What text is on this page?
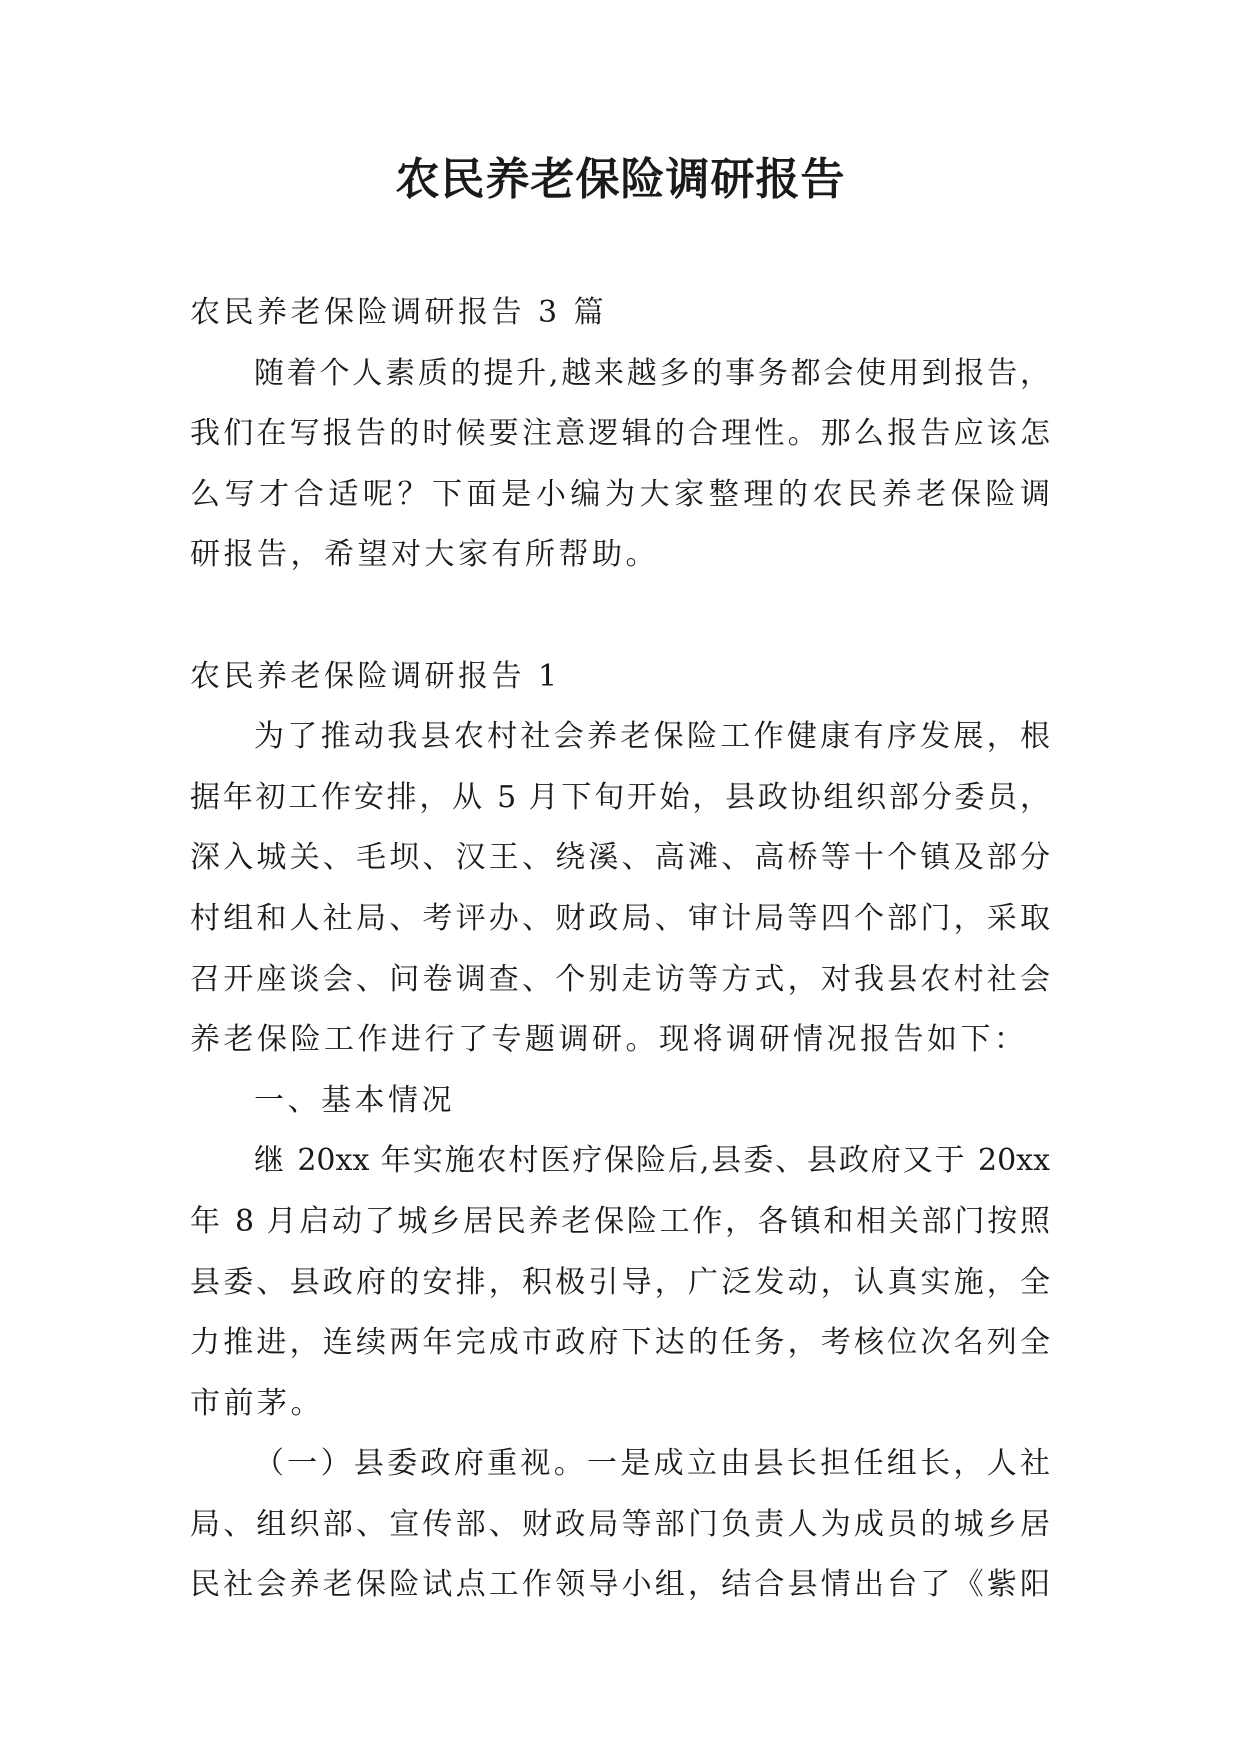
农民养老保险调研报告
农民养老保险调研报告 3 篇
随着个人素质的提升,越来越多的事务都会使用到报告，
我们在写报告的时候要注意逻辑的合理性。那么报告应该怎
么写才合适呢？下面是小编为大家整理的农民养老保险调
研报告，希望对大家有所帮助。
农民养老保险调研报告 1
为了推动我县农村社会养老保险工作健康有序发展，根
据年初工作安排，从 5 月下旬开始，县政协组织部分委员，
深入城关、毛坝、汉王、绕溪、高滩、高桥等十个镇及部分
村组和人社局、考评办、财政局、审计局等四个部门，采取
召开座谈会、问卷调查、个别走访等方式，对我县农村社会
养老保险工作进行了专题调研。现将调研情况报告如下：
一、基本情况
继 20xx 年实施农村医疗保险后,县委、县政府又于 20xx
年 8 月启动了城乡居民养老保险工作，各镇和相关部门按照
县委、县政府的安排，积极引导，广泛发动，认真实施，全
力推进，连续两年完成市政府下达的任务，考核位次名列全
市前茅。
（一）县委政府重视。一是成立由县长担任组长，人社
局、组织部、宣传部、财政局等部门负责人为成员的城乡居
民社会养老保险试点工作领导小组，结合县情出台了《紫阳
